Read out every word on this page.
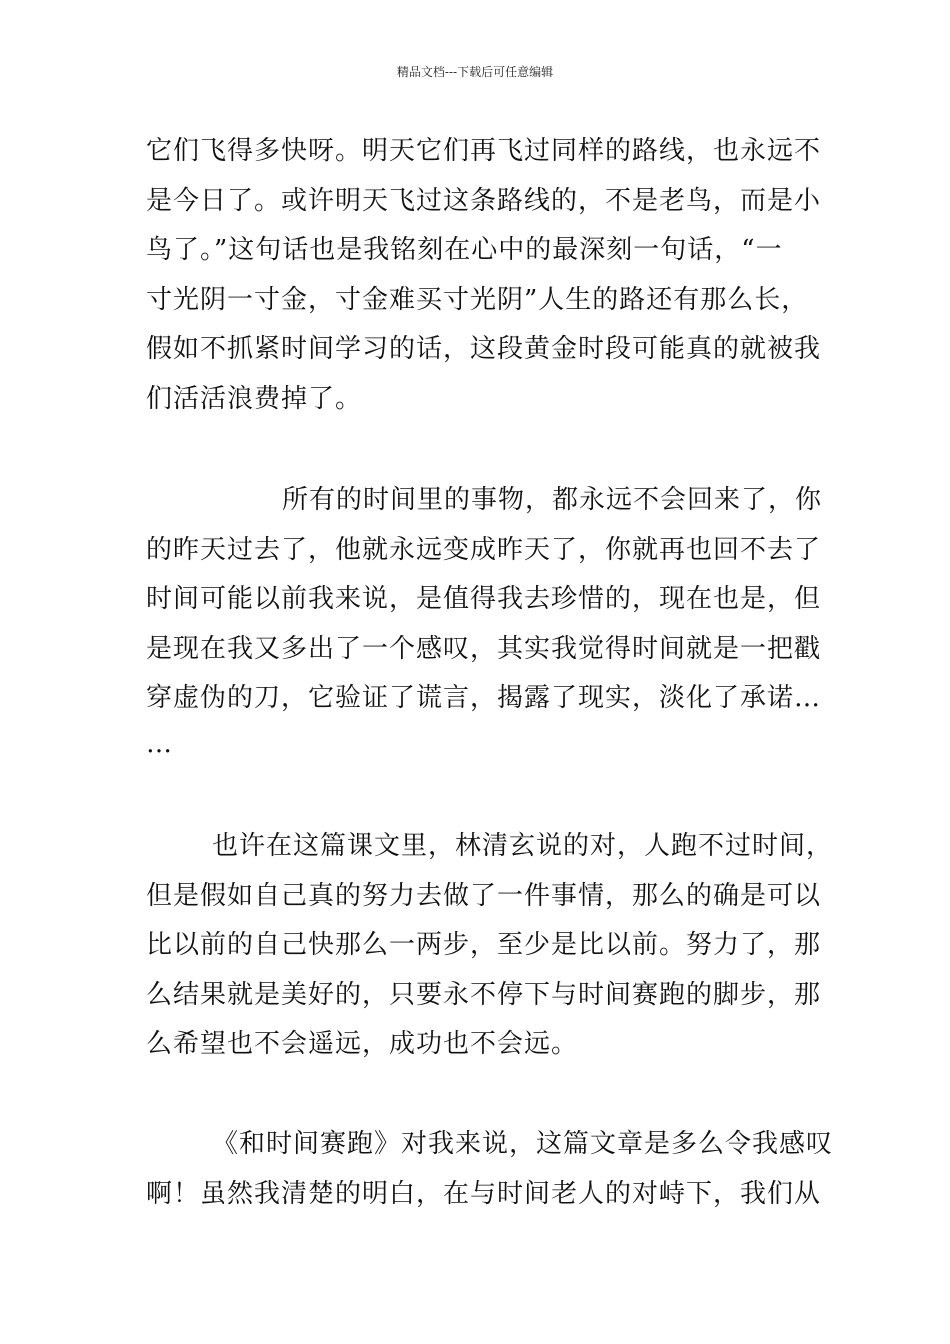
精品文档---下载后可任意编辑
它们飞得多快呀。明天它们再飞过同样的路线，也永远不
是今日了。或许明天飞过这条路线的，不是老鸟，而是小
鸟了。”这句话也是我铭刻在心中的最深刻一句话，“一
寸光阴一寸金，寸金难买寸光阴”人生的路还有那么长，
假如不抓紧时间学习的话，这段黄金时段可能真的就被我
们活活浪费掉了。
所有的时间里的事物，都永远不会回来了，你
的昨天过去了，他就永远变成昨天了，你就再也回不去了
时间可能以前我来说，是值得我去珍惜的，现在也是，但
是现在我又多出了一个感叹，其实我觉得时间就是一把戳
穿虚伪的刀，它验证了谎言，揭露了现实，淡化了承诺…
…
也许在这篇课文里，林清玄说的对，人跑不过时间，
但是假如自己真的努力去做了一件事情，那么的确是可以
比以前的自己快那么一两步，至少是比以前。努力了，那
么结果就是美好的，只要永不停下与时间赛跑的脚步，那
么希望也不会遥远，成功也不会远。
《和时间赛跑》对我来说，这篇文章是多么令我感叹
啊！虽然我清楚的明白，在与时间老人的对峙下，我们从
